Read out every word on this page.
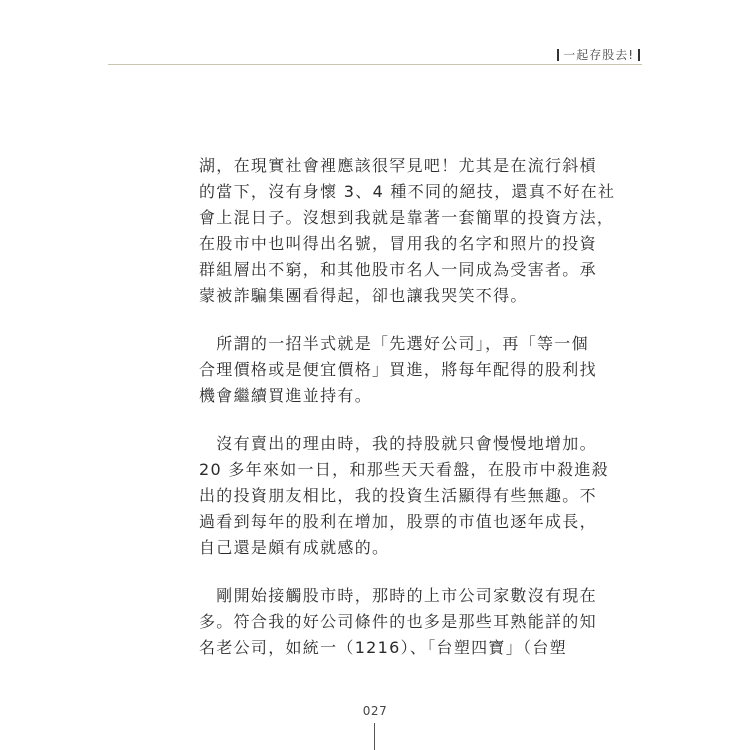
一起存股去!
湖，在現實社會裡應該很罕見吧！尤其是在流行斜槓
的當下，沒有身懷 3、4 種不同的絕技，還真不好在社
會上混日子。沒想到我就是靠著一套簡單的投資方法，
在股市中也叫得出名號，冒用我的名字和照片的投資
群組層出不窮，和其他股市名人一同成為受害者。承
蒙被詐騙集團看得起，卻也讓我哭笑不得。
　所謂的一招半式就是「先選好公司」，再「等一個
合理價格或是便宜價格」買進，將每年配得的股利找
機會繼續買進並持有。
　沒有賣出的理由時，我的持股就只會慢慢地增加。
20 多年來如一日，和那些天天看盤，在股市中殺進殺
出的投資朋友相比，我的投資生活顯得有些無趣。不
過看到每年的股利在增加，股票的市值也逐年成長，
自己還是頗有成就感的。
　剛開始接觸股市時，那時的上市公司家數沒有現在
多。符合我的好公司條件的也多是那些耳熟能詳的知
名老公司，如統一（1216）、「台塑四寶」（台塑
027
